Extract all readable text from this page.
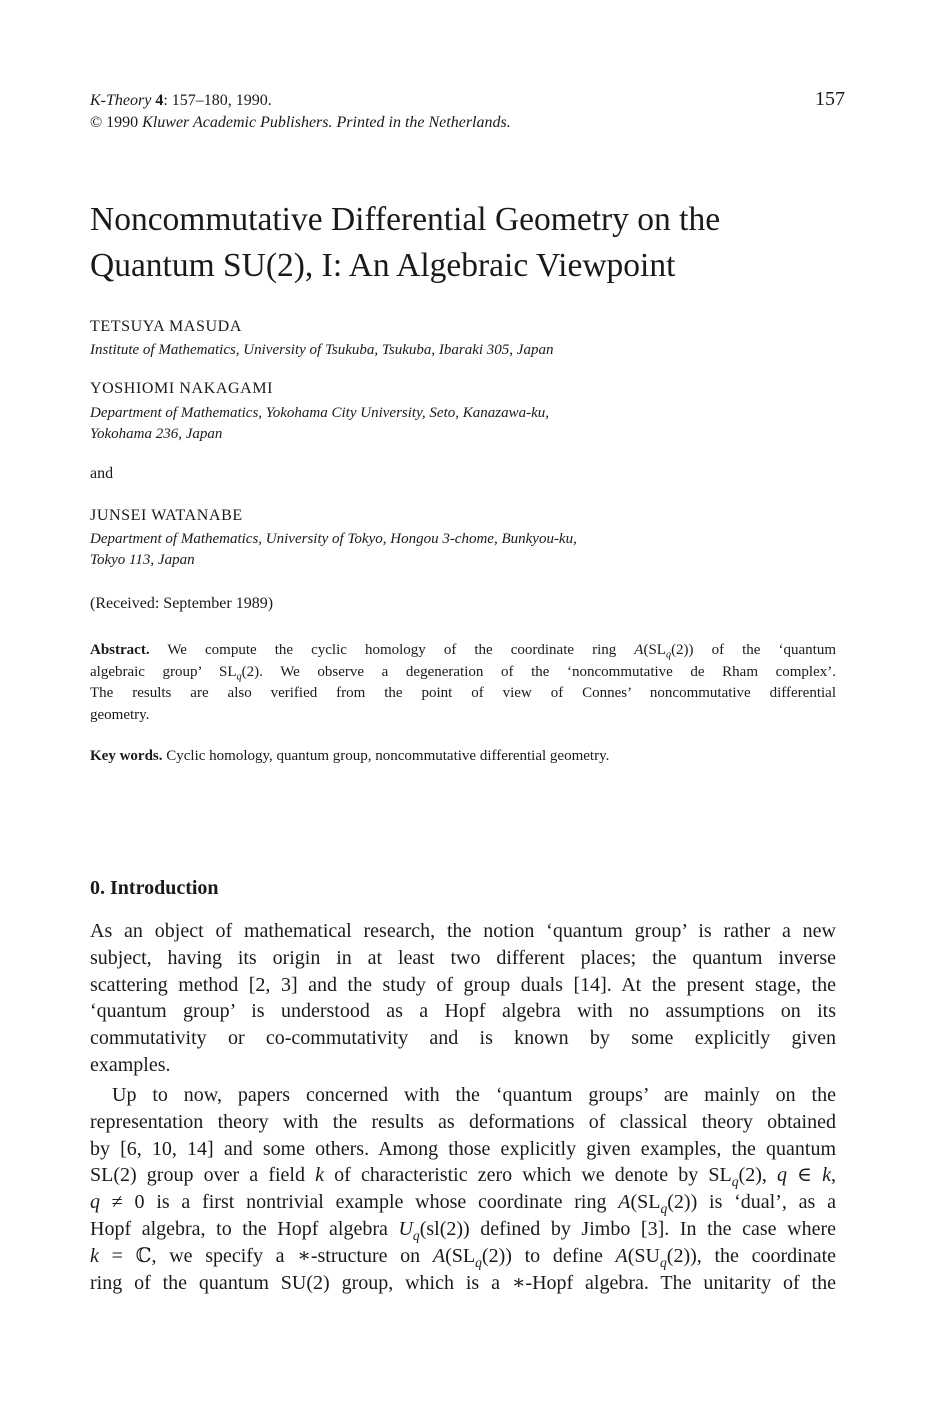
K-Theory 4: 157–180, 1990.
© 1990 Kluwer Academic Publishers. Printed in the Netherlands.
157
Noncommutative Differential Geometry on the
Quantum SU(2), I: An Algebraic Viewpoint
TETSUYA MASUDA
Institute of Mathematics, University of Tsukuba, Tsukuba, Ibaraki 305, Japan
YOSHIOMI NAKAGAMI
Department of Mathematics, Yokohama City University, Seto, Kanazawa-ku,
Yokohama 236, Japan
and
JUNSEI WATANABE
Department of Mathematics, University of Tokyo, Hongou 3-chome, Bunkyou-ku,
Tokyo 113, Japan
(Received: September 1989)
Abstract. We compute the cyclic homology of the coordinate ring $A(SL_q(2))$ of the ‘quantum
algebraic group’ $SL_q(2)$. We observe a degeneration of the ‘noncommutative de Rham complex’.
The results are also verified from the point of view of Connes’ noncommutative differential
geometry.
Key words. Cyclic homology, quantum group, noncommutative differential geometry.
0. Introduction
As an object of mathematical research, the notion ‘quantum group’ is rather a new
subject, having its origin in at least two different places; the quantum inverse
scattering method [2, 3] and the study of group duals [14]. At the present stage, the
‘quantum group’ is understood as a Hopf algebra with no assumptions on its
commutativity or co-commutativity and is known by some explicitly given
examples.
Up to now, papers concerned with the ‘quantum groups’ are mainly on the
representation theory with the results as deformations of classical theory obtained
by [6, 10, 14] and some others. Among those explicitly given examples, the quantum
SL(2) group over a field k of characteristic zero which we denote by $SL_q(2)$, q ∈ k,
q ≠ 0 is a first nontrivial example whose coordinate ring $A(SL_q(2))$ is ‘dual’, as a
Hopf algebra, to the Hopf algebra $U_q(sl(2))$ defined by Jimbo [3]. In the case where
k = ℂ, we specify a ∗-structure on $A(SL_q(2))$ to define $A(SU_q(2))$, the coordinate
ring of the quantum SU(2) group, which is a ∗-Hopf algebra. The unitarity of the
